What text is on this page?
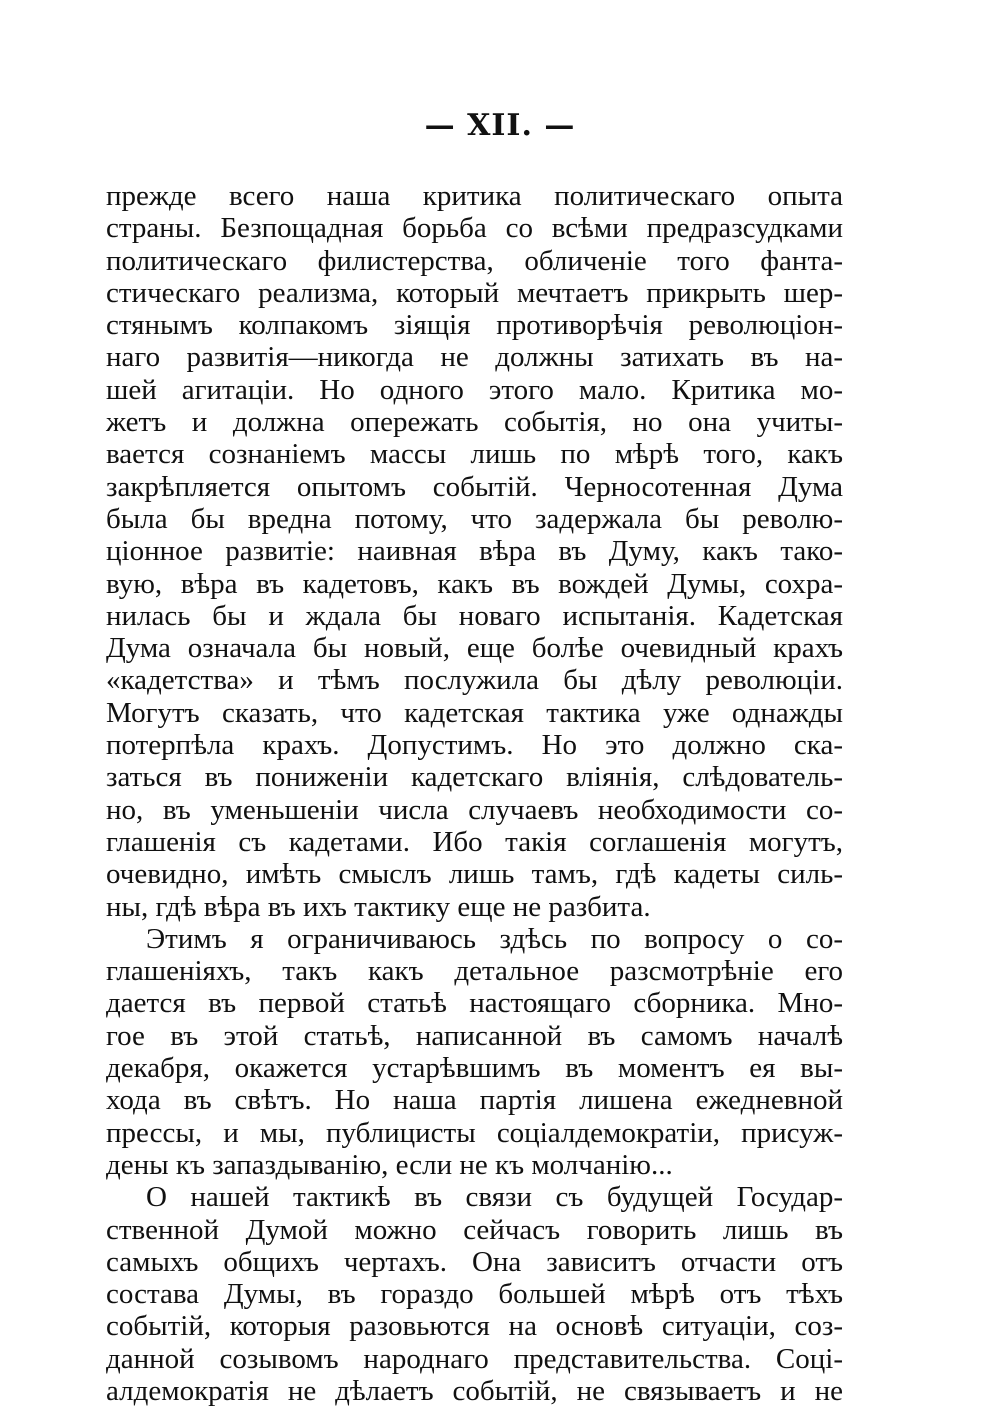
— XII. —
прежде всего наша критика политическаго опыта
страны. Безпощадная борьба со всѣми предразсудками
политическаго филистерства, обличеніе того фанта-
стическаго реализма, который мечтаетъ прикрыть шер-
стянымъ колпакомъ зіящія противорѣчія революціон-
наго развитія—никогда не должны затихать въ на-
шей агитаціи. Но одного этого мало. Критика мо-
жетъ и должна опережать событія, но она учиты-
вается сознаніемъ массы лишь по мѣрѣ того, какъ
закрѣпляется опытомъ событій. Черносотенная Дума
была бы вредна потому, что задержала бы револю-
ціонное развитіе: наивная вѣра въ Думу, какъ тако-
вую, вѣра въ кадетовъ, какъ въ вождей Думы, сохра-
нилась бы и ждала бы новаго испытанія. Кадетская
Дума означала бы новый, еще болѣе очевидный крахъ
«кадетства» и тѣмъ послужила бы дѣлу революціи.
Могутъ сказать, что кадетская тактика уже однажды
потерпѣла крахъ. Допустимъ. Но это должно ска-
заться въ пониженіи кадетскаго вліянія, слѣдователь-
но, въ уменьшеніи числа случаевъ необходимости со-
глашенія съ кадетами. Ибо такія соглашенія могутъ,
очевидно, имѣть смыслъ лишь тамъ, гдѣ кадеты силь-
ны, гдѣ вѣра въ ихъ тактику еще не разбита.
Этимъ я ограничиваюсь здѣсь по вопросу о со-
глашеніяхъ, такъ какъ детальное разсмотрѣніе его
дается въ первой статьѣ настоящаго сборника. Мно-
гое въ этой статьѣ, написанной въ самомъ началѣ
декабря, окажется устарѣвшимъ въ моментъ ея вы-
хода въ свѣтъ. Но наша партія лишена ежедневной
прессы, и мы, публицисты соціалдемократіи, присуж-
дены къ запаздыванію, если не къ молчанію...
О нашей тактикѣ въ связи съ будущей Государ-
ственной Думой можно сейчасъ говорить лишь въ
самыхъ общихъ чертахъ. Она зависитъ отчасти отъ
состава Думы, въ гораздо большей мѣрѣ отъ тѣхъ
событій, которыя разовьются на основѣ ситуаціи, соз-
данной созывомъ народнаго представительства. Соці-
алдемократія не дѣлаетъ событій, не связываетъ и не
